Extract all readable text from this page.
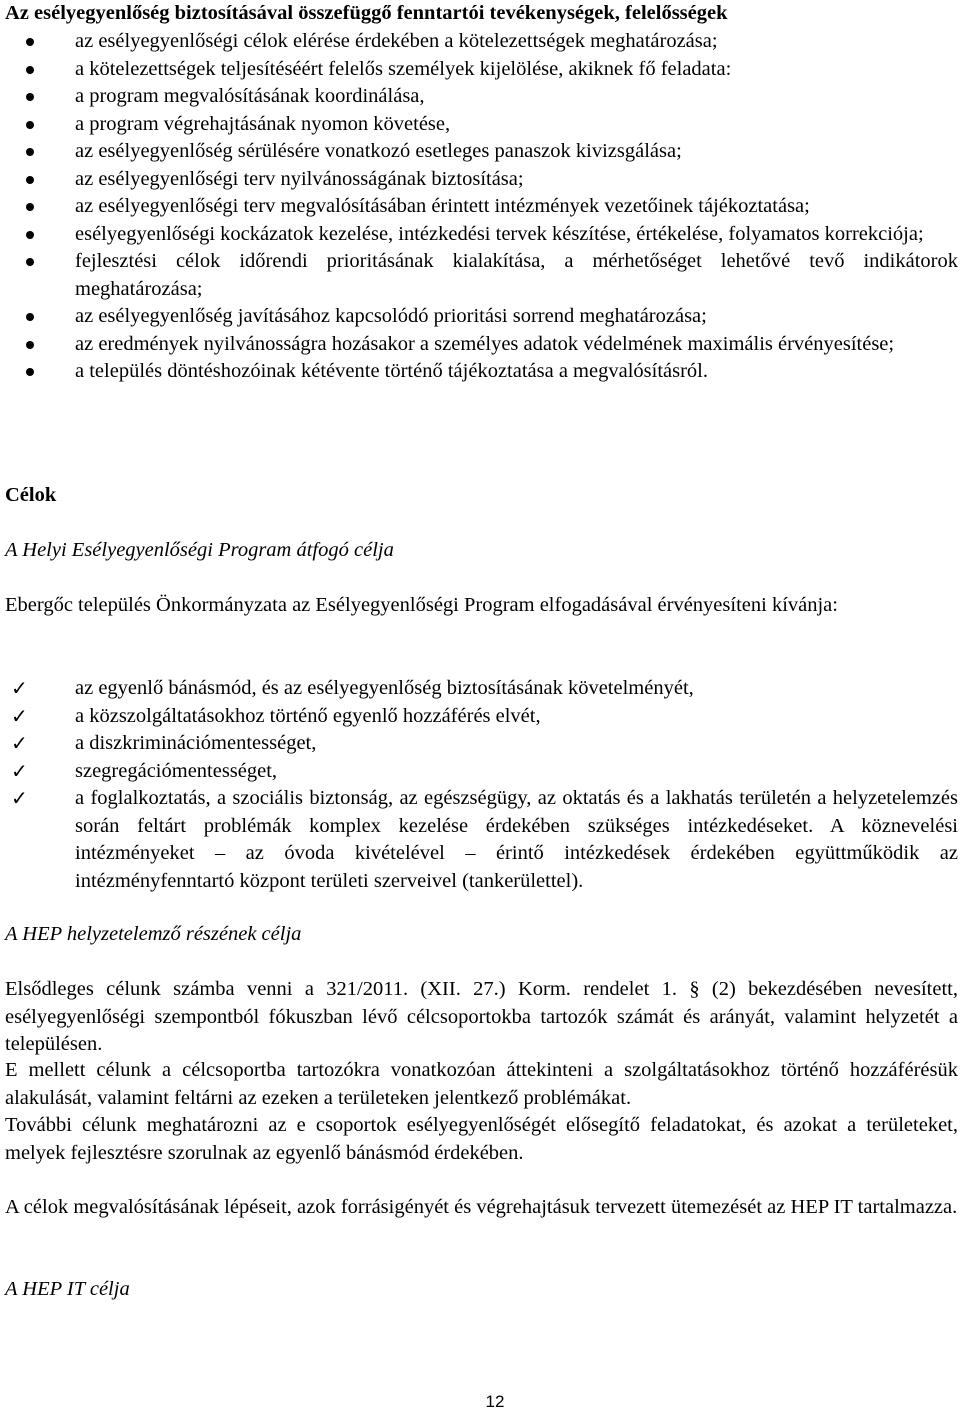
Az esélyegyenlőség biztosításával összefüggő fenntartói tevékenységek, felelősségek

az esélyegyenlőségi célok elérése érdekében a kötelezettségek meghatározása;
a kötelezettségek teljesítéséért felelős személyek kijelölése, akiknek fő feladata:
a program megvalósításának koordinálása,
a program végrehajtásának nyomon követése,
az esélyegyenlőség sérülésére vonatkozó esetleges panaszok kivizsgálása;
az esélyegyenlőségi terv nyilvánosságának biztosítása;
az esélyegyenlőségi terv megvalósításában érintett intézmények vezetőinek tájékoztatása;
esélyegyenlőségi kockázatok kezelése, intézkedési tervek készítése, értékelése, folyamatos korrekciója;
fejlesztési célok időrendi prioritásának kialakítása, a mérhetőséget lehetővé tevő indikátorok meghatározása;
az esélyegyenlőség javításához kapcsolódó prioritási sorrend meghatározása;
az eredmények nyilvánosságra hozásakor a személyes adatok védelmének maximális érvényesítése;
a település döntéshozóinak kétévente történő tájékoztatása a megvalósításról.

Célok

A Helyi Esélyegyenlőségi Program átfogó célja

Ebergőc település Önkormányzata az Esélyegyenlőségi Program elfogadásával érvényesíteni kívánja:

✓ az egyenlő bánásmód, és az esélyegyenlőség biztosításának követelményét,
✓ a közszolgáltatásokhoz történő egyenlő hozzáférés elvét,
✓ a diszkriminációmentességet,
✓ szegregációmentességet,
✓ a foglalkoztatás, a szociális biztonság, az egészségügy, az oktatás és a lakhatás területén a helyzetelemzés során feltárt problémák komplex kezelése érdekében szükséges intézkedéseket. A köznevelési intézményeket – az óvoda kivételével – érintő intézkedések érdekében együttműködik az intézményfenntartó központ területi szerveivel (tankerülettel).

A HEP helyzetelemző részének célja

Elsődleges célunk számba venni a 321/2011. (XII. 27.) Korm. rendelet 1. § (2) bekezdésében nevesített, esélyegyenlőségi szempontból fókuszban lévő célcsoportokba tartozók számát és arányát, valamint helyzetét a településen.

E mellett célunk a célcsoportba tartozókra vonatkozóan áttekinteni a szolgáltatásokhoz történő hozzáférésük alakulását, valamint feltárni az ezeken a területeken jelentkező problémákat.

További célunk meghatározni az e csoportok esélyegyenlőségét elősegítő feladatokat, és azokat a területeket, melyek fejlesztésre szorulnak az egyenlő bánásmód érdekében.

A célok megvalósításának lépéseit, azok forrásigényét és végrehajtásuk tervezett ütemezését az HEP IT tartalmazza.

A HEP IT célja

12
